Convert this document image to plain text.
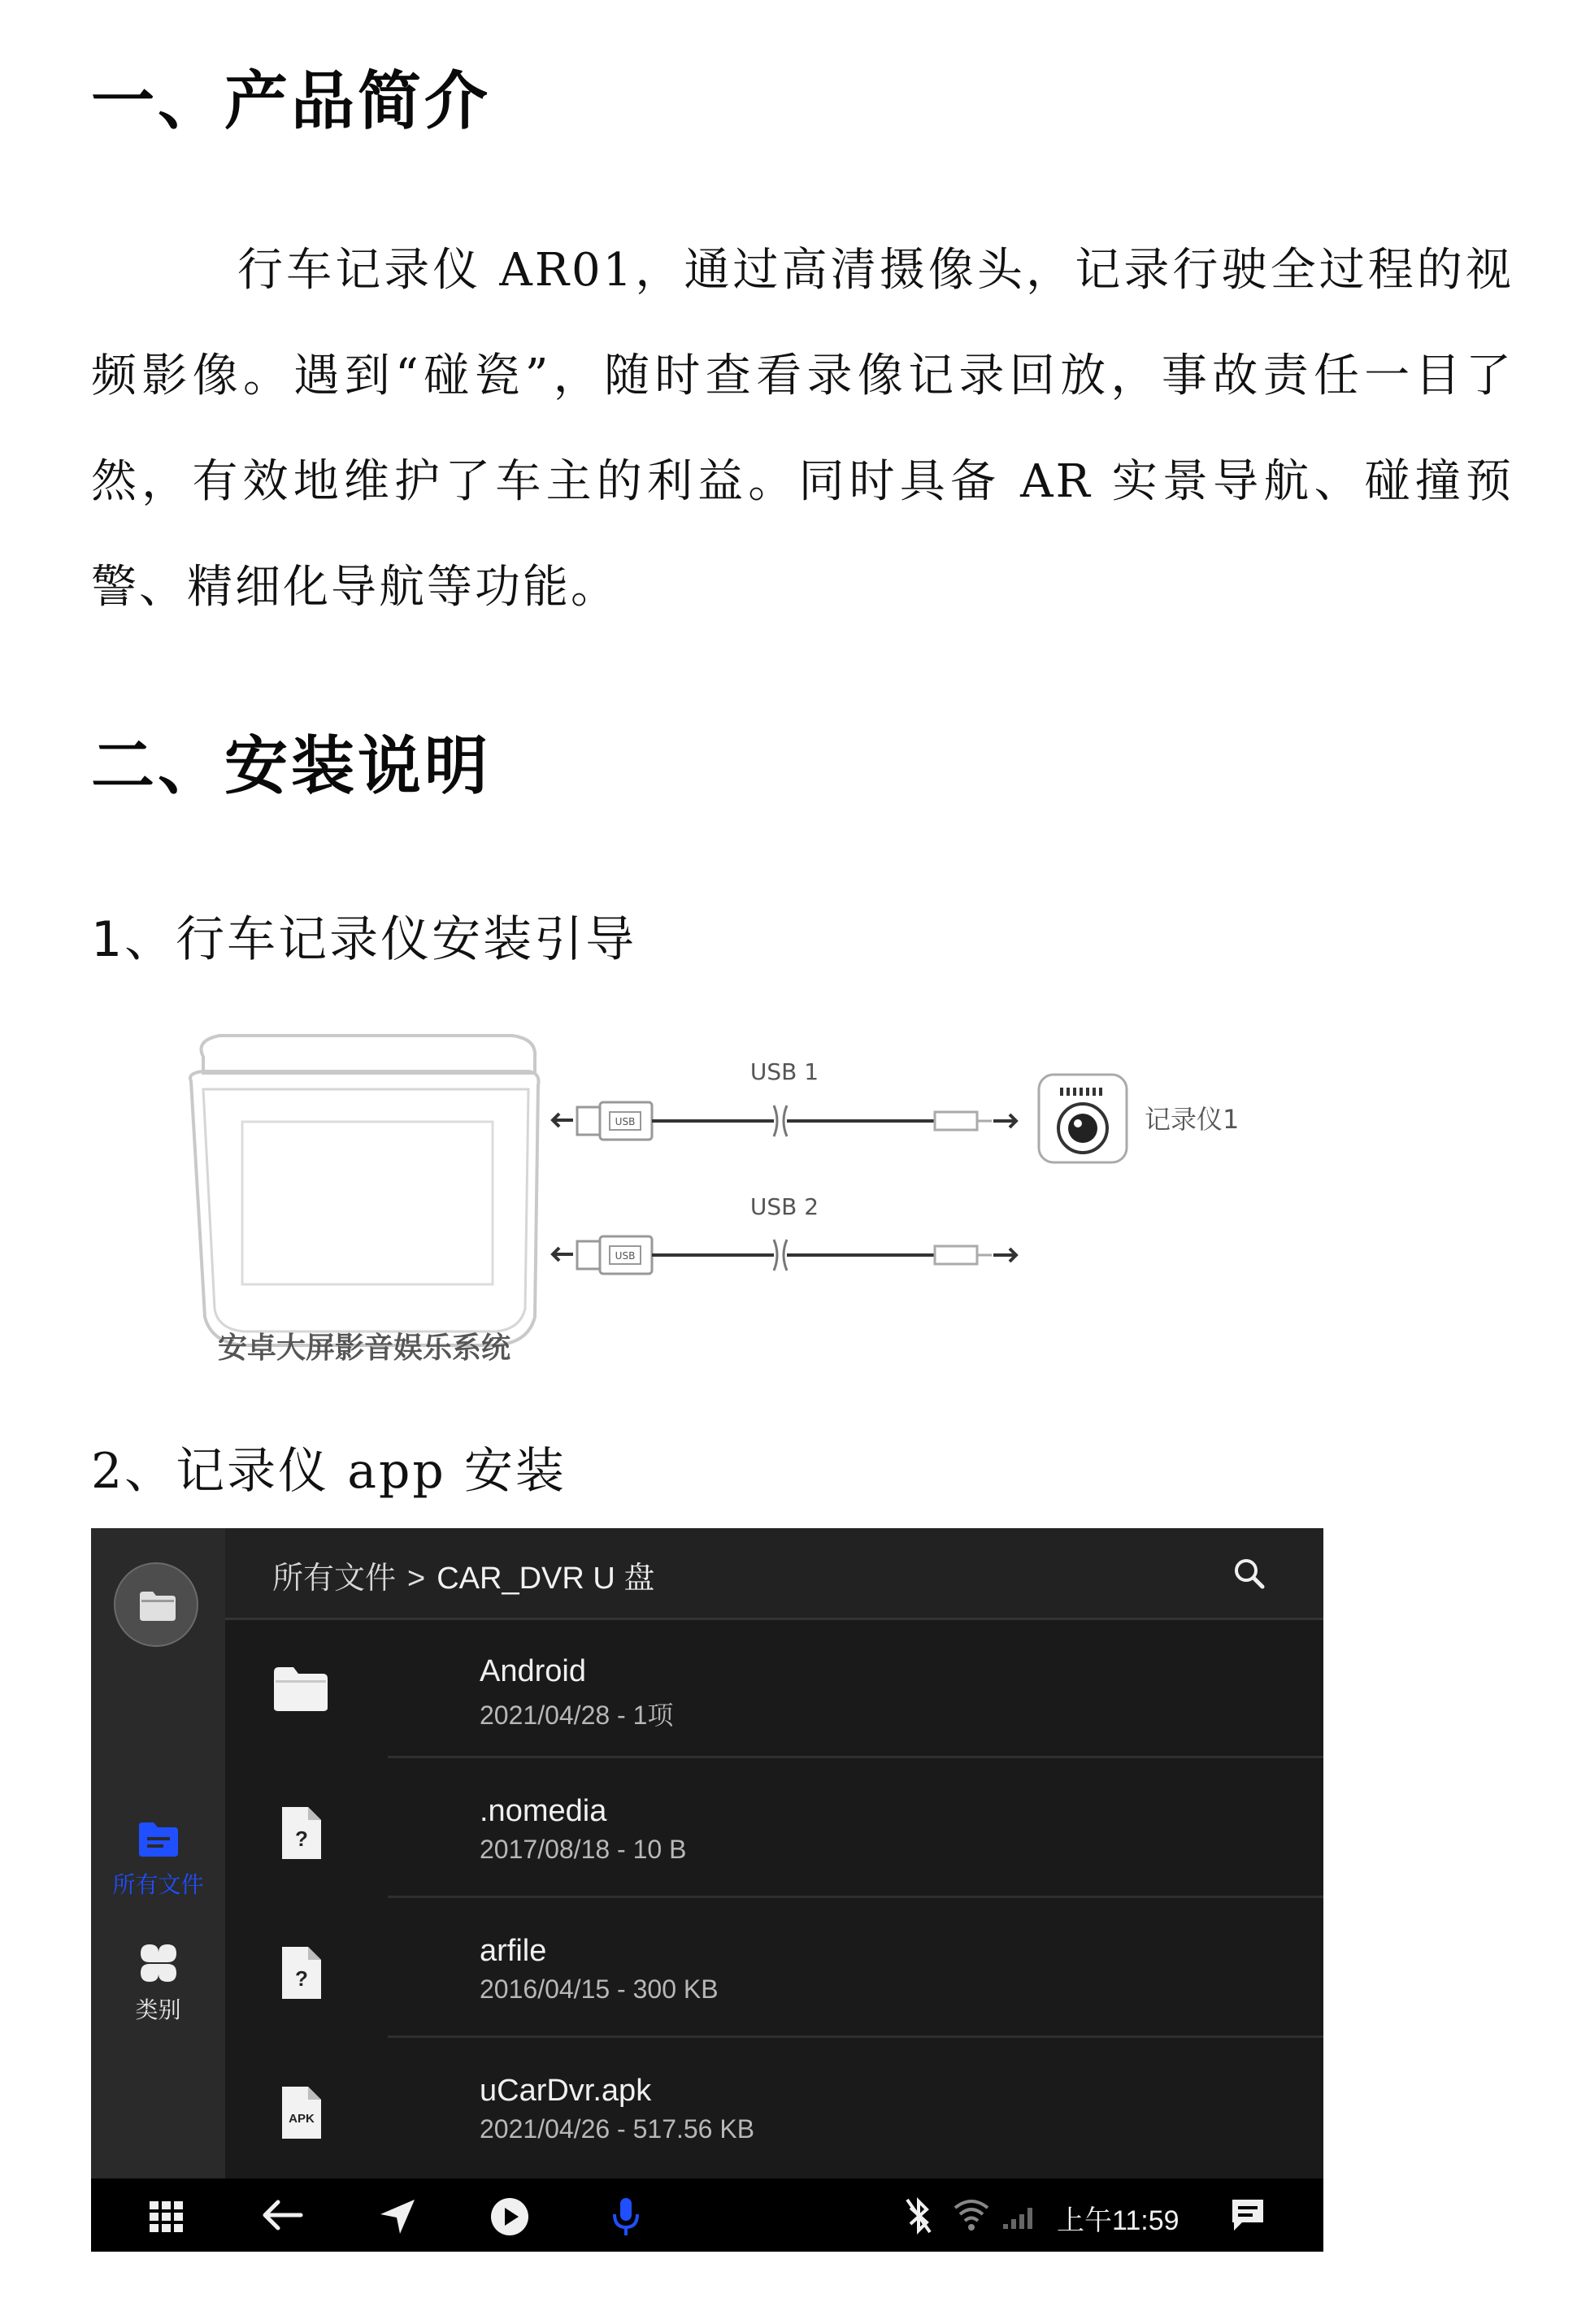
一、产品简介

行车记录仪 AR01，通过高清摄像头，记录行驶全过程的视频影像。遇到“碰瓷”，随时查看录像记录回放，事故责任一目了然，有效地维护了车主的利益。同时具备 AR 实景导航、碰撞预警、精细化导航等功能。

二、安装说明
1、行车记录仪安装引导
USB
USB 1
记录仪1
USB
USB 2
安卓大屏影音娱乐系统
2、记录仪 app 安装
所有文件
类别
所有文件 > CAR_DVR U 盘
Android
2021/04/28 - 1项
?
.nomedia
2017/08/18 - 10 B
?
arfile
2016/04/15 - 300 KB
APK
uCarDvr.apk
2021/04/26 - 517.56 KB
上午11:59
